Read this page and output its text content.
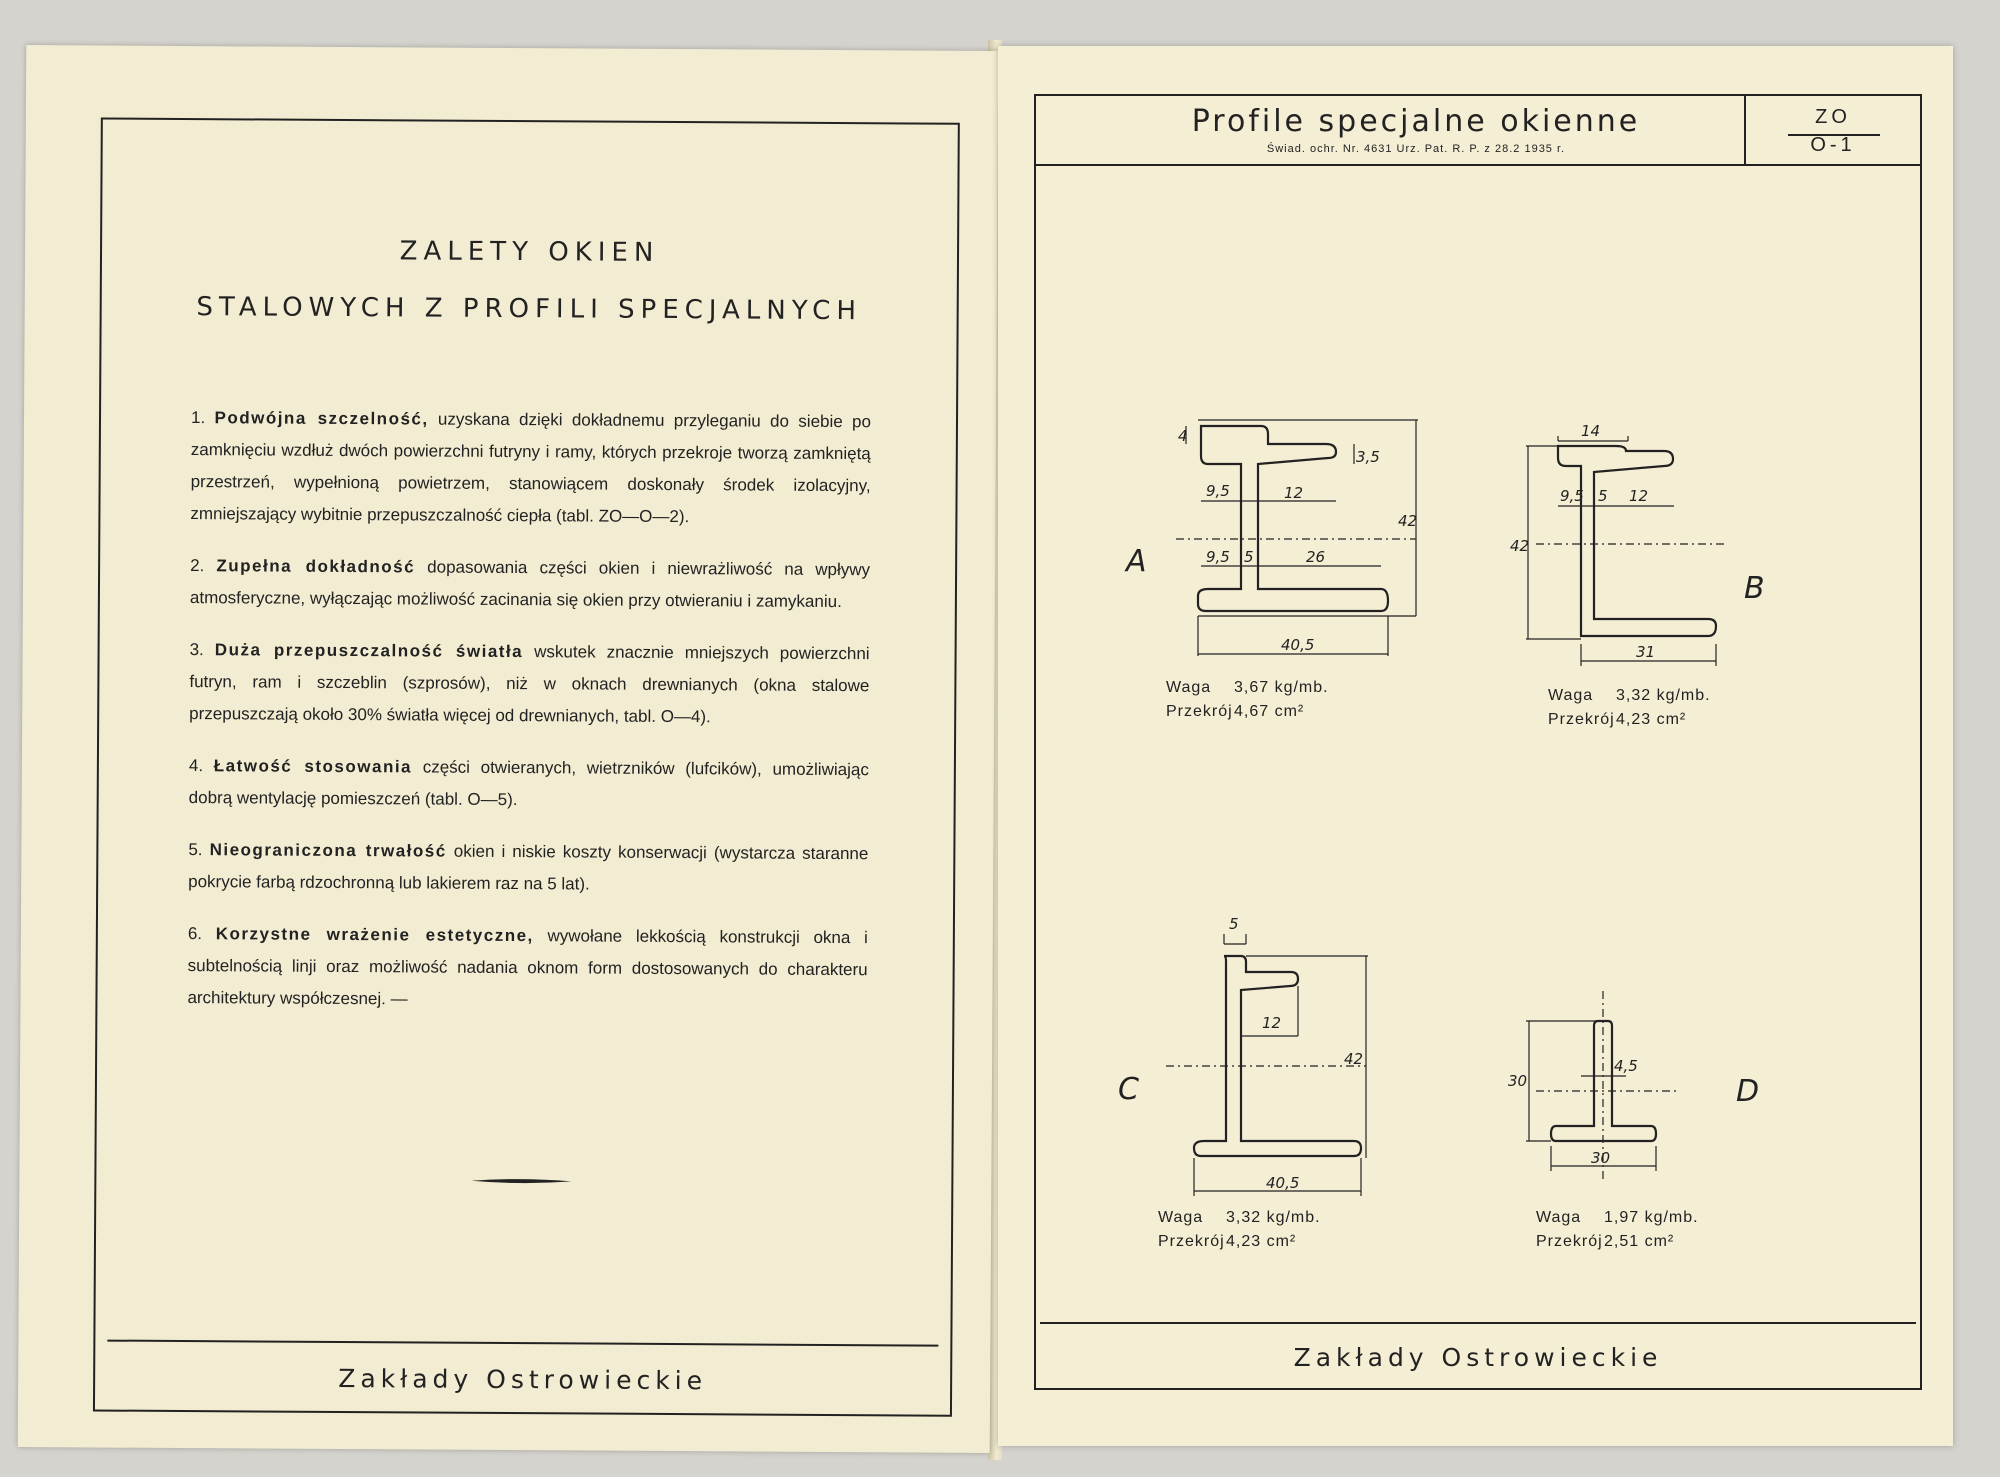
ZALETY OKIEN
STALOWYCH Z PROFILI SPECJALNYCH

1. Podwójna szczelność, uzyskana dzięki dokładnemu przyleganiu do siebie po zamknięciu wzdłuż dwóch powierzchni futryny i ramy, których przekroje tworzą zamkniętą przestrzeń, wypełnioną powietrzem, stanowiącem doskonały środek izolacyjny, zmniejszający wybitnie przepuszczalność ciepła (tabl. ZO—O—2).

2. Zupełna dokładność dopasowania części okien i niewrażliwość na wpływy atmosferyczne, wyłączając możliwość zacinania się okien przy otwieraniu i zamykaniu.

3. Duża przepuszczalność światła wskutek znacznie mniejszych powierzchni futryn, ram i szczeblin (szprosów), niż w oknach drewnianych (okna stalowe przepuszczają około 30% światła więcej od drewnianych, tabl. O—4).

4. Łatwość stosowania części otwieranych, wietrzników (lufcików), umożliwiając dobrą wentylację pomieszczeń (tabl. O—5).

5. Nieograniczona trwałość okien i niskie koszty konserwacji (wystarcza staranne pokrycie farbą rdzochronną lub lakierem raz na 5 lat).

6. Korzystne wrażenie estetyczne, wywołane lekkością konstrukcji okna i subtelnością linji oraz możliwość nadania oknom form dostosowanych do charakteru architektury współczesnej. —

Zakłady Ostrowieckie
Profile specjalne okienne
Świad. ochr. Nr. 4631 Urz. Pat. R. P. z 28.2 1935 r.
ZO
O-1
A
4
3,5
9,5	12
9,5 5	26
42
40,5
B
14
9,5 5 12
42
31
C
5
12
42
40,5
D
30
4,5
30
Waga 3,67 kg/mb.
Przekrój4,67 cm²
Waga 3,32 kg/mb.
Przekrój4,23 cm²
Waga 3,32 kg/mb.
Przekrój4,23 cm²
Waga 1,97 kg/mb.
Przekrój2,51 cm²
Zakłady Ostrowieckie
